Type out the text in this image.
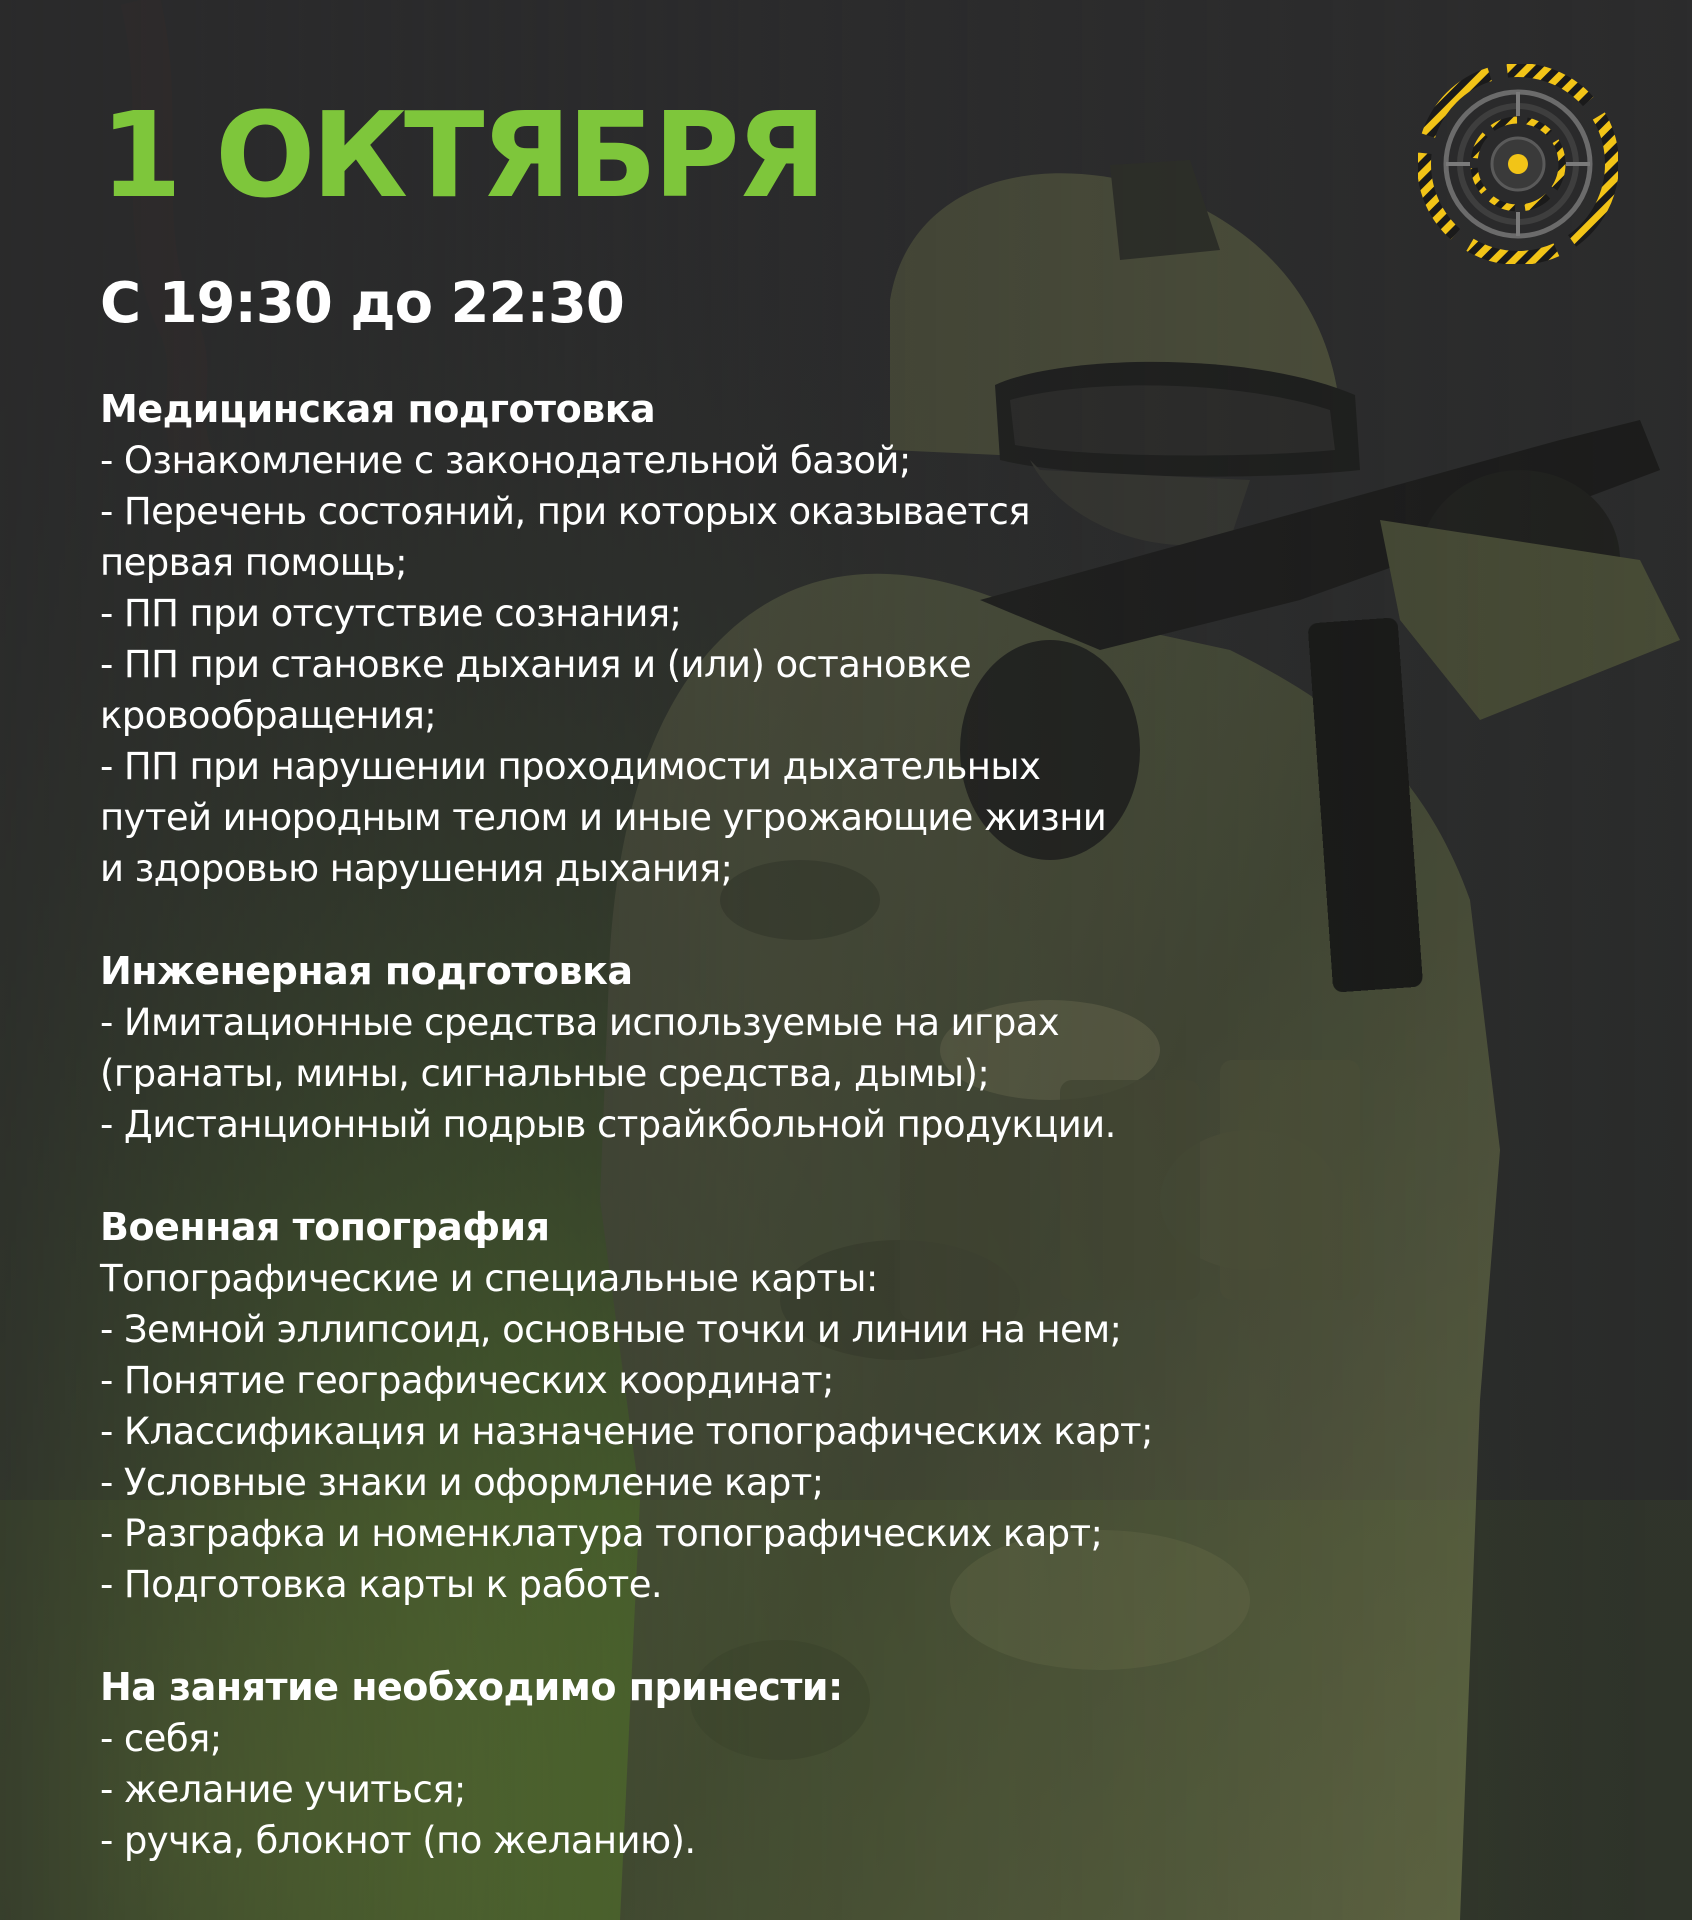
1 ОКТЯБРЯ
С 19:30 до 22:30
Медицинская подготовка
- Ознакомление с законодательной базой;
- Перечень состояний, при которых оказывается
первая помощь;
- ПП при отсутствие сознания;
- ПП при становке дыхания и (или) остановке
кровообращения;
- ПП при нарушении проходимости дыхательных
путей инородным телом и иные угрожающие жизни
и здоровью нарушения дыхания;
Инженерная подготовка
- Имитационные средства используемые на играх
(гранаты, мины, сигнальные средства, дымы);
- Дистанционный подрыв страйкбольной продукции.
Военная топография
Топографические и специальные карты:
- Земной эллипсоид, основные точки и линии на нем;
- Понятие географических координат;
- Классификация и назначение топографических карт;
- Условные знаки и оформление карт;
- Разграфка и номенклатура топографических карт;
- Подготовка карты к работе.
На занятие необходимо принести:
- себя;
- желание учиться;
- ручка, блокнот (по желанию).
